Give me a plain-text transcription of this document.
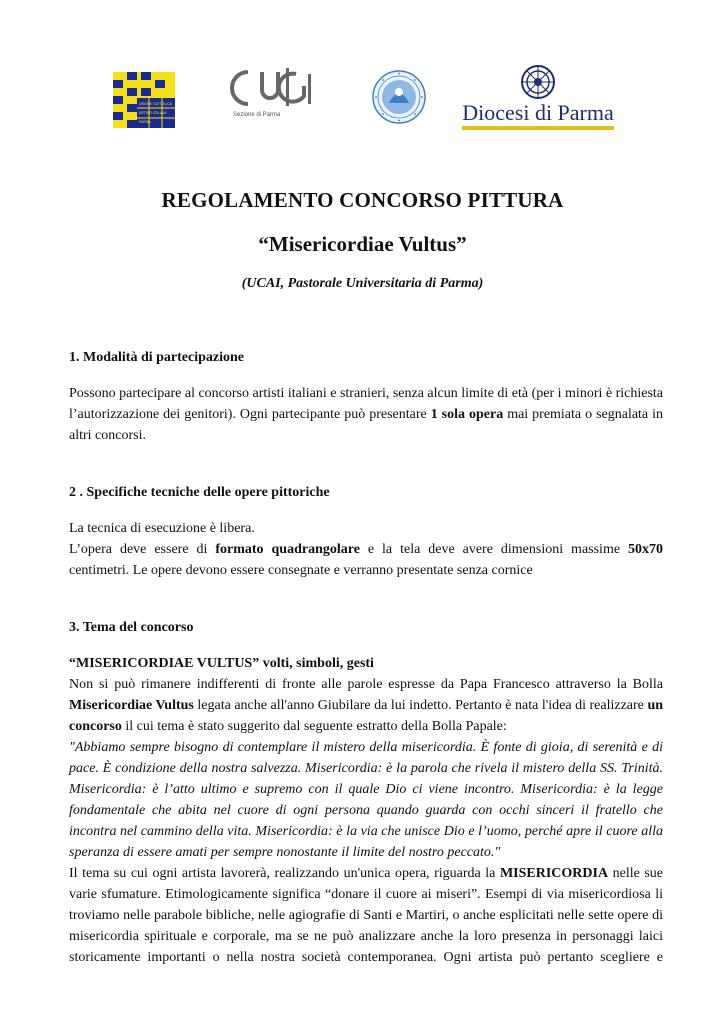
UNIONE CATTOLICA
ARTISTI ITALIANI
PARMA
Sezione di Parma	Diocesi di Parma
REGOLAMENTO CONCORSO PITTURA
“Misericordiae Vultus”
(UCAI, Pastorale Universitaria di Parma)
1. Modalità di partecipazione
Possono partecipare al concorso artisti italiani e stranieri, senza alcun limite di età (per i minori è richiesta
l’autorizzazione dei genitori). Ogni partecipante può presentare 1 sola opera mai premiata o segnalata in
altri concorsi.
2 . Specifiche tecniche delle opere pittoriche
La tecnica di esecuzione è libera.
L’opera deve essere di formato quadrangolare e la tela deve avere dimensioni massime 50x70
centimetri. Le opere devono essere consegnate e verranno presentate senza cornice
3. Tema del concorso
“MISERICORDIAE VULTUS” volti, simboli, gesti
Non si può rimanere indifferenti di fronte alle parole espresse da Papa Francesco attraverso la Bolla
Misericordiae Vultus legata anche all'anno Giubilare da lui indetto. Pertanto è nata l'idea di realizzare un
concorso il cui tema è stato suggerito dal seguente estratto della Bolla Papale:
"Abbiamo sempre bisogno di contemplare il mistero della misericordia. È fonte di gioia, di serenità e di
pace. È condizione della nostra salvezza. Misericordia: è la parola che rivela il mistero della SS. Trinità.
Misericordia: è l’atto ultimo e supremo con il quale Dio ci viene incontro. Misericordia: è la legge
fondamentale che abita nel cuore di ogni persona quando guarda con occhi sinceri il fratello che
incontra nel cammino della vita. Misericordia: è la via che unisce Dio e l’uomo, perché apre il cuore alla
speranza di essere amati per sempre nonostante il limite del nostro peccato."
Il tema su cui ogni artista lavorerà, realizzando un'unica opera, riguarda la MISERICORDIA nelle sue
varie sfumature. Etimologicamente significa “donare il cuore ai miseri”. Esempi di via misericordiosa li
troviamo nelle parabole bibliche, nelle agiografie di Santi e Martiri, o anche esplicitati nelle sette opere di
misericordia spirituale e corporale, ma se ne può analizzare anche la loro presenza in personaggi laici
storicamente importanti o nella nostra società contemporanea. Ogni artista può pertanto scegliere e
